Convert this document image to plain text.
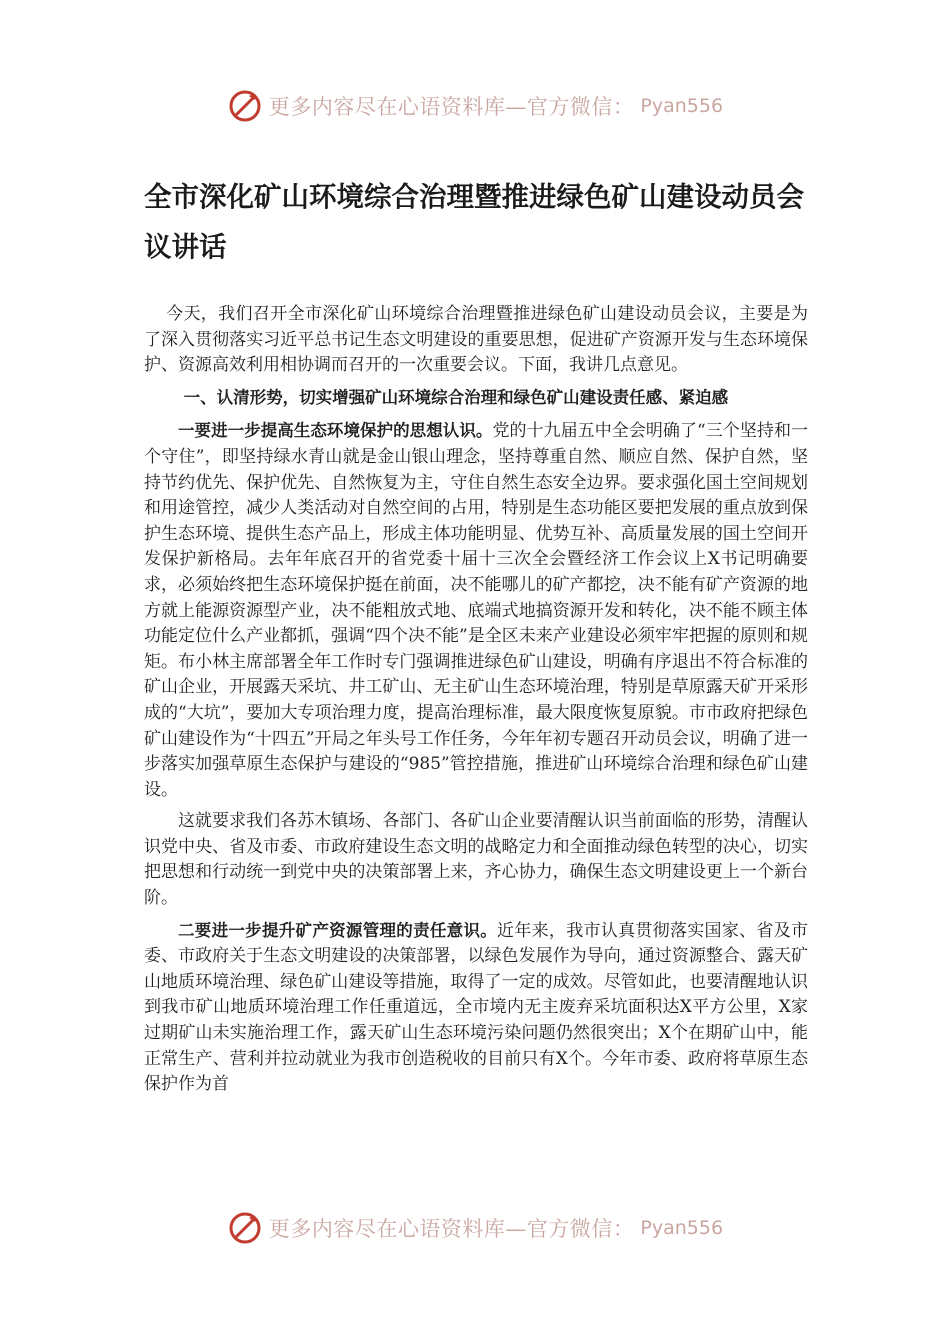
更多内容尽在心语资料库—官方微信： Pyan556
全市深化矿山环境综合治理暨推进绿色矿山建设动员会议讲话

今天，我们召开全市深化矿山环境综合治理暨推进绿色矿山建设动员会议，主要是为了深入贯彻落实习近平总书记生态文明建设的重要思想，促进矿产资源开发与生态环境保护、资源高效利用相协调而召开的一次重要会议。下面，我讲几点意见。

一、认清形势，切实增强矿山环境综合治理和绿色矿山建设责任感、紧迫感

一要进一步提高生态环境保护的思想认识。党的十九届五中全会明确了“三个坚持和一个守住”，即坚持绿水青山就是金山银山理念，坚持尊重自然、顺应自然、保护自然，坚持节约优先、保护优先、自然恢复为主，守住自然生态安全边界。要求强化国土空间规划和用途管控，减少人类活动对自然空间的占用，特别是生态功能区要把发展的重点放到保护生态环境、提供生态产品上，形成主体功能明显、优势互补、高质量发展的国土空间开发保护新格局。去年年底召开的省党委十届十三次全会暨经济工作会议上X书记明确要求，必须始终把生态环境保护挺在前面，决不能哪儿的矿产都挖，决不能有矿产资源的地方就上能源资源型产业，决不能粗放式地、底端式地搞资源开发和转化，决不能不顾主体功能定位什么产业都抓，强调“四个决不能”是全区未来产业建设必须牢牢把握的原则和规矩。布小林主席部署全年工作时专门强调推进绿色矿山建设，明确有序退出不符合标准的矿山企业，开展露天采坑、井工矿山、无主矿山生态环境治理，特别是草原露天矿开采形成的“大坑”，要加大专项治理力度，提高治理标准，最大限度恢复原貌。市市政府把绿色矿山建设作为“十四五”开局之年头号工作任务，今年年初专题召开动员会议，明确了进一步落实加强草原生态保护与建设的“985”管控措施，推进矿山环境综合治理和绿色矿山建设。

这就要求我们各苏木镇场、各部门、各矿山企业要清醒认识当前面临的形势，清醒认识党中央、省及市委、市政府建设生态文明的战略定力和全面推动绿色转型的决心，切实把思想和行动统一到党中央的决策部署上来，齐心协力，确保生态文明建设更上一个新台阶。

二要进一步提升矿产资源管理的责任意识。近年来，我市认真贯彻落实国家、省及市委、市政府关于生态文明建设的决策部署，以绿色发展作为导向，通过资源整合、露天矿山地质环境治理、绿色矿山建设等措施，取得了一定的成效。尽管如此，也要清醒地认识到我市矿山地质环境治理工作任重道远，全市境内无主废弃采坑面积达X平方公里，X家过期矿山未实施治理工作，露天矿山生态环境污染问题仍然很突出；X个在期矿山中，能正常生产、营利并拉动就业为我市创造税收的目前只有X个。今年市委、政府将草原生态保护作为首

更多内容尽在心语资料库—官方微信： Pyan556
